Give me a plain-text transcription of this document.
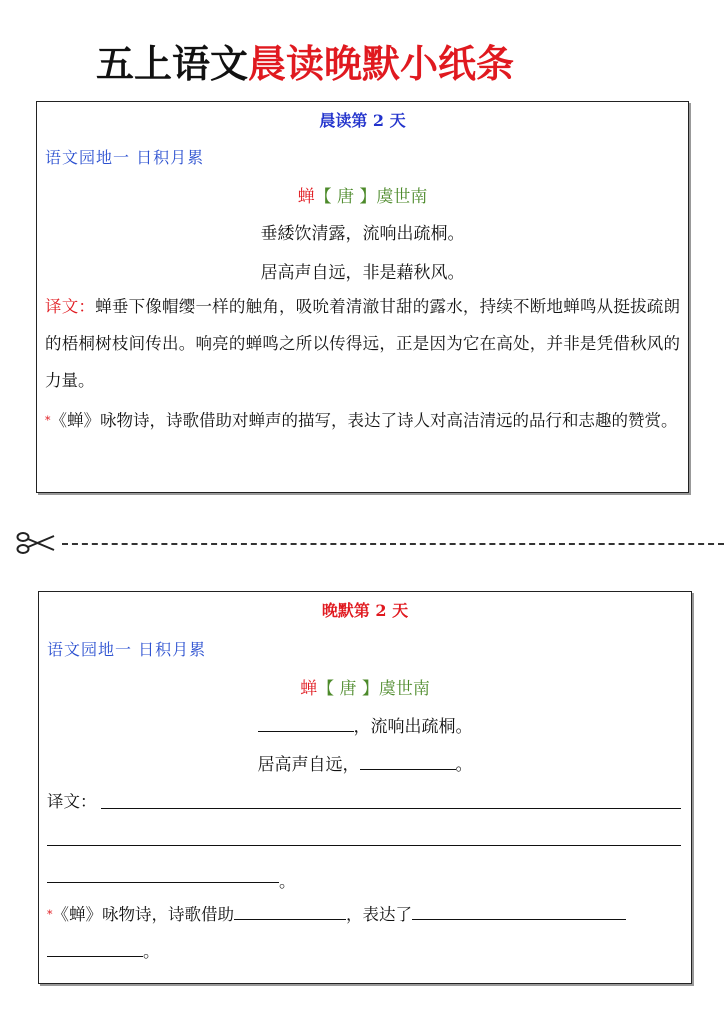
五上语文晨读晚默小纸条
晨读第 2 天
语文园地一 日积月累
蝉【 唐 】虞世南
垂緌饮清露，流响出疏桐。
居高声自远，非是藉秋风。
译文：蝉垂下像帽缨一样的触角，吸吮着清澈甘甜的露水，持续不断地蝉鸣从挺拔疏朗的梧桐树枝间传出。响亮的蝉鸣之所以传得远，正是因为它在高处，并非是凭借秋风的力量。
*《蝉》咏物诗，诗歌借助对蝉声的描写，表达了诗人对高洁清远的品行和志趣的赞赏。
晚默第 2 天
语文园地一 日积月累
蝉【 唐 】虞世南
，流响出疏桐。
居高声自远，	。
译文：
。
*《蝉》咏物诗，诗歌借助	，表达了
。
